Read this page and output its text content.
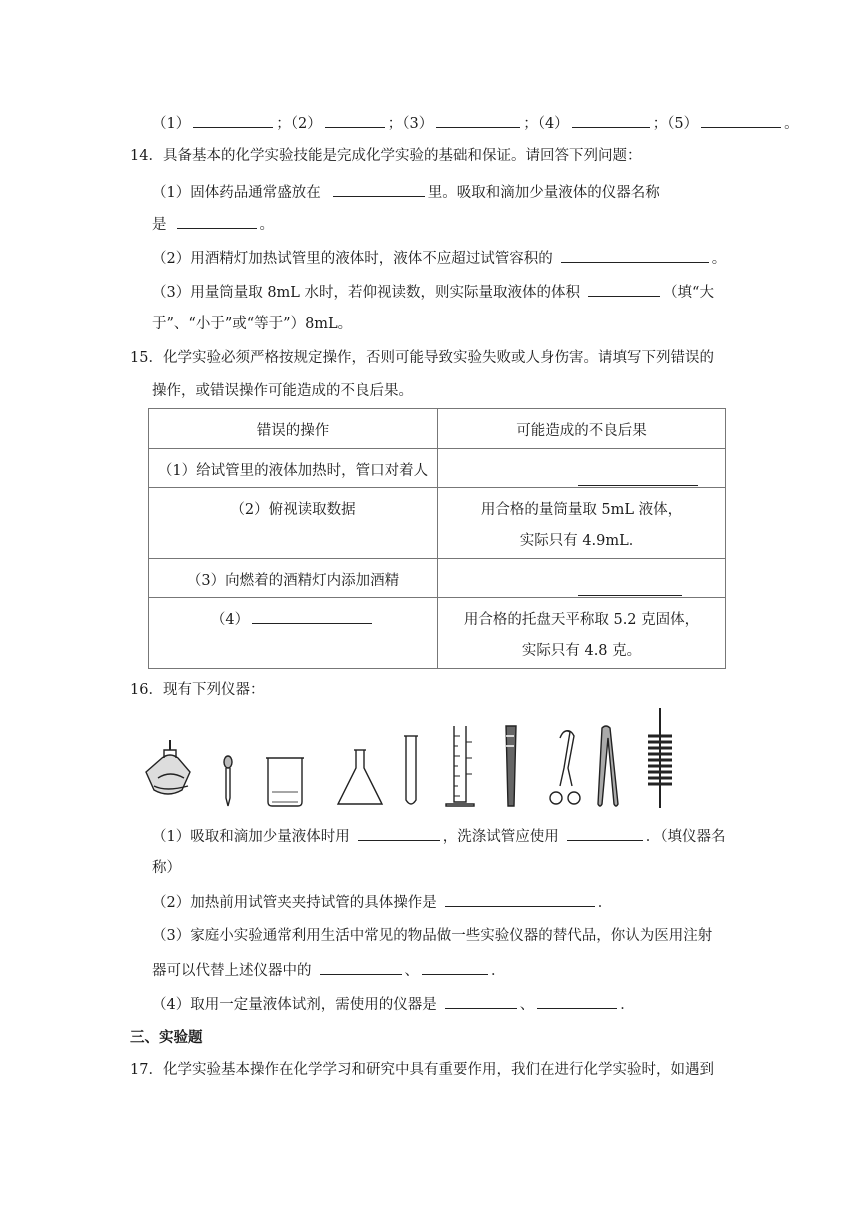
（1）	；（2）	；（3）	；（4）	；（5）	。
14．具备基本的化学实验技能是完成化学实验的基础和保证。请回答下列问题：
（1）固体药品通常盛放在	里。吸取和滴加少量液体的仪器名称
是	。
（2）用酒精灯加热试管里的液体时，液体不应超过试管容积的	。
（3）用量筒量取 8mL 水时，若仰视读数，则实际量取液体的体积	（填“大
于”、“小于”或“等于”）8mL。
15．化学实验必须严格按规定操作，否则可能导致实验失败或人身伤害。请填写下列错误的
操作，或错误操作可能造成的不良后果。
错误的操作	可能造成的不良后果

（1）给试管里的液体加热时，管口对着人	

（2）俯视读取数据	用合格的量筒量取 5mL 液体，
实际只有 4.9mL．

（3）向燃着的酒精灯内添加酒精	

（4）	用合格的托盘天平称取 5.2 克固体，
实际只有 4.8 克。
16．现有下列仪器：
（1）吸取和滴加少量液体时用	，洗涤试管应使用	．（填仪器名
称）
（2）加热前用试管夹夹持试管的具体操作是	．
（3）家庭小实验通常利用生活中常见的物品做一些实验仪器的替代品，你认为医用注射
器可以代替上述仪器中的	、	．
（4）取用一定量液体试剂，需使用的仪器是	、	．
三、实验题
17．化学实验基本操作在化学学习和研究中具有重要作用，我们在进行化学实验时，如遇到
